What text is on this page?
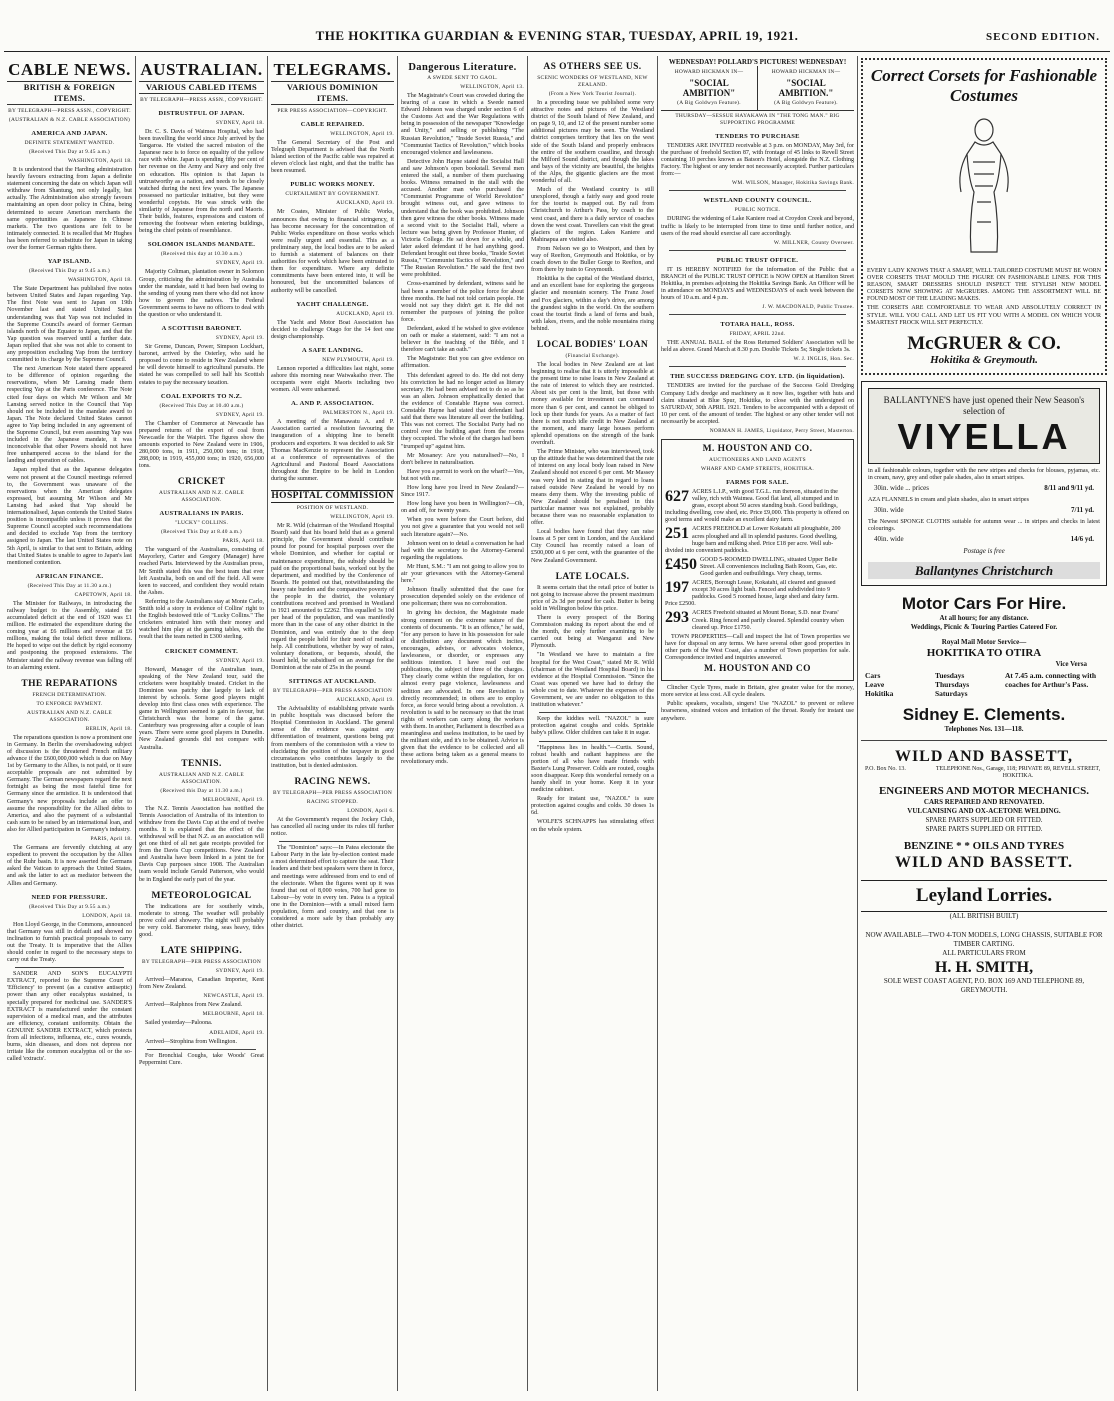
THE HOKITIKA GUARDIAN & EVENING STAR, TUESDAY, APRIL 19, 1921.	SECOND EDITION.
CABLE NEWS.
BRITISH & FOREIGN ITEMS.
BY TELEGRAPH—PRESS ASSN., COPYRIGHT.
(AUSTRALIAN & N.Z. CABLE ASSOCIATION)
AMERICA AND JAPAN.
DEFINITE STATEMENT WANTED.
(Received This Day at 9.45 a.m.)
WASHINGTON, April 18.

It is understood that the Harding administration heavily favours extracting from Japan a definite statement concerning the date on which Japan will withdraw from Shantung, not only legally, but actually. The Administration also strongly favours maintaining an open door policy in China, being determined to secure American merchants the same opportunities as Japanese in Chinese markets. The two questions are felt to be intimately connected. It is recalled that Mr Hughes has been referred to substitute for Japan in taking over the former German rights there.

YAP ISLAND.
(Received This Day at 9.45 a.m.)
WASHINGTON, April 18.

The State Department has published five notes between United States and Japan regarding Yap. The first Note was sent to Japan on 19th November last and stated United States understanding was that Yap was not included in the Supreme Council's award of former German islands north of the Equator to Japan, and that the Yap question was reserved until a further date. Japan replied that she was not able to consent to any proposition excluding Yap from the territory committed to its charge by the Supreme Council.

The next American Note stated there appeared to be difference of opinion regarding the reservations, when Mr Lansing made them respecting Yap at the Paris conference. The Note cited four days on which Mr Wilson and Mr Lansing served notice in the Council that Yap should not be included in the mandate award to Japan. The Note declared United States cannot agree to Yap being included in any agreement of the Supreme Council, but even assuming Yap was included in the Japanese mandate, it was inconceivable that other Powers should not have free unhampered access to the island for the landing and operation of cables.

Japan replied that as the Japanese delegates were not present at the Council meetings referred to, the Government was unaware of the reservations when the American delegates expressed, but assuming Mr Wilson and Mr Lansing had asked that Yap should be internationalised, Japan contends the United States position is incompatible unless it proves that the Supreme Council accepted such recommendations and decided to exclude Yap from the territory assigned to Japan. The last United States note on 5th April, is similar to that sent to Britain, adding that United States is unable to agree to Japan's last mentioned contention.

AFRICAN FINANCE.
(Received This Day at 11.30 a.m.)
CAPETOWN, April 18.

The Minister for Railways, in introducing the railway budget to the Assembly, stated the accumulated deficit at the end of 1920 was £1 million. He estimated the expenditure during the coming year at £6 millions and revenue at £6 millions, making the total deficit three millions. He hoped to wipe out the deficit by rigid economy and postponing the proposed extensions. The Minister stated the railway revenue was falling off to an alarming extent.

THE REPARATIONS
FRENCH DETERMINATION.
TO ENFORCE PAYMENT.
AUSTRALIAN AND N.Z. CABLE ASSOCIATION.
BERLIN, April 18.

The reparations question is now a prominent one in Germany. In Berlin the overshadowing subject of discussion is the threatened French military advance if the £600,000,000 which is due on May 1st by Germany to the Allies, is not paid, or it sure acceptable proposals are not submitted by Germany. The German newspapers regard the next fortnight as being the most fateful time for Germany since the armistice. It is understood that Germany's new proposals include an offer to assume the responsibility for the Allied debts to America, and also the payment of a substantial cash sum to be raised by an international loan, and also for Allied participation in Germany's industry.

PARIS, April 18.

The Germans are fervently clutching at any expedient to prevent the occupation by the Allies of the Ruhr basin. It is now asserted the Germans asked the Vatican to approach the United States, and ask the latter to act as mediator between the Allies and Germany.

NEED FOR PRESSURE.
(Received This Day at 9.55 a.m.)
LONDON, April 18.

Hon Lloyd George, in the Commons, announced that Germany was still in default and showed no inclination to furnish practical proposals to carry out the Treaty. It is imperative that the Allies should confer in regard to the necessary steps to carry out the Treaty.

SANDER AND SON'S EUCALYPTI EXTRACT, reported to the Supreme Court of 'Efficiency' to prevent (as a curative antiseptic) power than any other eucalyptus sustained, is specially prepared for medicinal use. SANDER'S EXTRACT is manufactured under the constant supervision of a medical man, and the attributes are efficiency, constant uniformity. Obtain the GENUINE SANDER EXTRACT, which protects from all infections, influenza, etc., cures wounds, burns, skin diseases, and does not depress nor irritate like the common eucalyptus oil or the so-called 'extracts'.

AUSTRALIAN.
VARIOUS CABLED ITEMS
BY TELEGRAPH—PRESS ASSN., COPYRIGHT.
DISTRUSTFUL OF JAPAN.
SYDNEY, April 18.

Dr. C. S. Davis of Waimea Hospital, who had been travelling the world since July arrived by the Tangaroa. He visited the sacred mission of the Japanese race is to force on equality of the yellow race with white. Japan is spending fifty per cent of her revenue on the Army and Navy and only five on education. His opinion is that Japan is untrustworthy as a nation, and needs to be closely watched during the next few years. The Japanese possessed no particular initiative, but they were wonderful copyists. He was struck with the similarity of Japanese from the north and Maoris. Their builds, features, expressions and custom of removing the footwear when entering buildings, being the chief points of resemblance.

SOLOMON ISLANDS MANDATE.
(Received this day at 10.30 a.m.)
SYDNEY, April 19.

Majority Coltman, plantation owner in Solomon Group, criticising the administration by Australia under the mandate, said it had been bad owing to the sending of young men there who did not know how to govern the natives. The Federal Government seems to have no officers to deal with the question or who understand it.

A SCOTTISH BARONET.
SYDNEY, April 19.

Sir Greme, Duncan, Power, Simpson Lockhart, baronet, arrived by the Osterley, who said he proposed to come to reside in New Zealand where he will devote himself to agricultural pursuits. He stated he was compelled to sell half his Scottish estates to pay the necessary taxation.

COAL EXPORTS TO N.Z.
(Received This Day at 10.40 a.m.)
SYDNEY, April 19.

The Chamber of Commerce at Newcastle has prepared returns of the export of coal from Newcastle for the Waipiri. The figures show the amounts exported to New Zealand were in 1906, 280,000 tons, in 1911, 250,000 tons; in 1918, 288,000; in 1919, 455,000 tons; in 1920, 656,000 tons.

CRICKET
AUSTRALIAN AND N.Z. CABLE ASSOCIATION.
AUSTRALIANS IN PARIS.
"LUCKY" COLLINS.
(Received This Day at 8.40 a.m.)
PARIS, April 18.

The vanguard of the Australians, consisting of Mayorlery, Carter and Gregory (Manager) have reached Paris. Interviewed by the Australian press, Mr Smith stated this was the best team that ever left Australia, both on and off the field. All were keen to succeed, and confident they would retain the Ashes.

Referring to the Australians stay at Monte Carlo, Smith told a story in evidence of Collins' right to the English bestowed title of "Lucky Collins." The cricketers entrusted him with their money and watched him play at the gaming tables, with the result that the team netted in £300 sterling.

CRICKET COMMENT.
SYDNEY, April 19.

Howard, Manager of the Australian team, speaking of the New Zealand tour, said the cricketers were hospitably treated. Cricket in the Dominion was patchy due largely to lack of interest by schools. Some good players might develop into first class ones with experience. The game in Wellington seemed to gain in favour, but Christchurch was the home of the game. Canterbury was progressing after a couple of lean years. There were some good players in Dunedin. New Zealand grounds did not compare with Australia.

TENNIS.
AUSTRALIAN AND N.Z. CABLE ASSOCIATION.
(Received this Day at 11.30 a.m.)
MELBOURNE, April 19.

The N.Z. Tennis Association has notified the Tennis Association of Australia of its intention to withdraw from the Davis Cup at the end of twelve months. It is explained that the effect of the withdrawal will be that N.Z. as an association will get one third of all net gate receipts provided for from the Davis Cup competitions. New Zealand and Australia have been linked in a joint tie for Davis Cup purposes since 1908. The Australian team would include Gerald Patterson, who would be in England the early part of the year.

METEOROLOGICAL

The indications are for southerly winds, moderate to strong. The weather will probably prove cold and showery. The night will probably be very cold. Barometer rising, seas heavy, tides good.

LATE SHIPPING.
BY TELEGRAPH—PER PRESS ASSOCIATION
SYDNEY, April 19.

Arrived—Maranoa, Canadian Importer, Kent from New Zealand.

NEWCASTLE, April 19.

Arrived—Ralphnos from New Zealand.

MELBOURNE, April 18.

Sailed yesterday—Paloona.

ADELAIDE, April 19.

Arrived—Strophina from Wellington.

For Bronchial Coughs, take Woods' Great Peppermint Cure.

TELEGRAMS.
VARIOUS DOMINION ITEMS.
PER PRESS ASSOCIATION—COPYRIGHT.
CABLE REPAIRED.
WELLINGTON, April 19.

The General Secretary of the Post and Telegraph Department is advised that the North Island section of the Pacific cable was repaired at eleven o'clock last night, and that the traffic has been resumed.

PUBLIC WORKS MONEY.
CURTAILMENT BY GOVERNMENT.
AUCKLAND, April 19.

Mr Coates, Minister of Public Works, announces that owing to financial stringency, it has become necessary for the concentration of Public Works expenditure on those works which were really urgent and essential. This as a preliminary step, the local bodies are to be asked to furnish a statement of balances on their authorities for work which have been entrusted to them for expenditure. Where any definite commitments have been entered into, it will be honoured, but the uncommitted balances of authority will be cancelled.

YACHT CHALLENGE.
AUCKLAND, April 19.

The Yacht and Motor Boat Association has decided to challenge Otago for the 14 feet one design championship.

A SAFE LANDING.
NEW PLYMOUTH, April 19.

Lennon reported a difficulties last night, some ashore this morning near Waiwakaiho river. The occupants were eight Maoris including two women. All were unharmed.

A. AND P. ASSOCIATION.
PALMERSTON N., April 19.

A meeting of the Manawatu A. and P. Association carried a resolution favouring the inauguration of a shipping line to benefit producers and exporters. It was decided to ask Sir Thomas MacKenzie to represent the Association at a conference of representatives of the Agricultural and Pastoral Board Associations throughout the Empire to be held in London during the summer.

HOSPITAL COMMISSION
POSITION OF WESTLAND.
WELLINGTON, April 19.

Mr R. Wild (chairman of the Westland Hospital Board) said that his board held that as a general principle, the Government should contribute pound for pound for hospital purposes over the whole Dominion, and whether for capital or maintenance expenditure, the subsidy should be paid on the proportional basis, worked out by the department, and modified by the Conference of Boards. He pointed out that, notwithstanding the heavy rate burden and the comparative poverty of the people in the district, the voluntary contributions received and promised in Westland in 1921 amounted to £2262. This equalled 3s 10d per head of the population, and was manifestly more than in the case of any other district in the Dominion, and was entirely due to the deep regard the people held for their need of medical help. All contributions, whether by way of rates, voluntary donations, or bequests, should, the board held, be subsidised on an average for the Dominion at the rate of 25s in the pound.

SITTINGS AT AUCKLAND.
BY TELEGRAPH—PER PRESS ASSOCIATION
AUCKLAND, April 19.

The Advisability of establishing private wards in public hospitals was discussed before the Hospital Commission in Auckland. The general sense of the evidence was against any differentiation of treatment, questions being put from members of the commission with a view to elucidating the position of the taxpayer in good circumstances who contributes largely to the institution, but is denied admission.

RACING NEWS.
BY TELEGRAPH—PER PRESS ASSOCIATION
RACING STOPPED.
LONDON, April 6.

At the Government's request the Jockey Club, has cancelled all racing under its rules till further notice.

The "Dominion" says:—In Patea electorate the Labour Party in the late by-election contest made a most determined effort to capture the seat. Their leaders and their best speakers were there in force, and meetings were addressed from end to end of the electorate. When the figures went up it was found that out of 8,000 votes, 700 had gone to Labour—by vote in every ten. Patea is a typical one in the Dominion—with a small mixed farm population, form and country, and that one is considered a more safe by than probably any other district.

Dangerous Literature.
A SWEDE SENT TO GAOL.
WELLINGTON, April 13.

The Magistrate's Court was crowded during the hearing of a case in which a Swede named Edward Johnson was charged under section 6 of the Customs Act and the War Regulations with being in possession of the newspaper "Knowledge and Unity," and selling or publishing "The Russian Revolution," "Inside Soviet Russia," and "Communist Tactics of Revolution," which books encouraged violence and lawlessness.

Detective John Hayne stated the Socialist Hall and saw Johnson's open bookstall. Several men entered the stall, a number of them purchasing books. Witness remained in the stall with the accused. Another man who purchased the "Communist Programme of World Revolution" brought witness out, and gave witness to understand that the book was prohibited. Johnson then gave witness the other books. Witness made a second visit to the Socialist Hall, where a lecture was being given by Professor Hunter, of Victoria College. He sat down for a while, and later asked defendant if he had anything good. Defendant brought out three books, "Inside Soviet Russia," "Communist Tactics of Revolution," and "The Russian Revolution." He said the first two were prohibited.

Cross-examined by defendant, witness said he had been a member of the police force for about three months. He had not told certain people. He would not say they didn't get it. He did not remember the purposes of joining the police force.

Defendant, asked if he wished to give evidence on oath or make a statement, said: "I am not a believer in the teaching of the Bible, and I therefore can't take an oath."

The Magistrate: But you can give evidence on affirmation.

This defendant agreed to do. He did not deny his conviction he had no longer acted as literary secretary. He had been advised not to do so as he was an alien. Johnson emphatically denied that the evidence of Constable Hayne was correct. Constable Hayne had stated that defendant had said that there was literature all over the building. This was not correct. The Socialist Party had no control over the building apart from the rooms they occupied. The whole of the charges had been "trumped up" against him.

Mr Mosaney: Are you naturalised?—No, I don't believe in naturalisation.

Have you a permit to work on the wharf?—Yes, but not with me.

How long have you lived in New Zealand?—Since 1917.

How long have you been in Wellington?—Oh, on and off, for twenty years.

When you were before the Court before, did you not give a guarantee that you would not sell such literature again?—No.

Johnson went on to detail a conversation he had had with the secretary to the Attorney-General regarding the regulations.

Mr Hunt, S.M.: "I am not going to allow you to air your grievances with the Attorney-General here."

Johnson finally submitted that the case for prosecution depended solely on the evidence of one policeman; there was no corroboration.

In giving his decision, the Magistrate made strong comment on the extreme nature of the contents of documents. "It is an offence," he said, "for any person to have in his possession for sale or distribution any document which incites, encourages, advises, or advocates violence, lawlessness, or disorder, or expresses any seditious intention. I have read out the publications, the subject of three of the charges. They clearly come within the regulation, for on almost every page violence, lawlessness and sedition are advocated. In one Revolution is directly recommended; in others are to employ force, as force would bring about a revolution. A revolution is said to be necessary so that the trust rights of workers can carry along the workers with them. In another, Parliament is described as a meaningless and useless institution, to be used by the militant side, and it's to be obtained. Advice is given that the evidence to be collected and all these actions being taken as a general means to revolutionary ends.

AS OTHERS SEE US.
SCENIC WONDERS OF WESTLAND, NEW ZEALAND.
(From a New York Tourist Journal).

In a preceding issue we published some very attractive notes and pictures of the Westland district of the South Island of New Zealand, and on page 9, 10, and 12 of the present number some additional pictures may be seen. The Westland district comprises territory that lies on the west side of the South Island and properly embraces the entire of the southern coastline, and through the Milford Sound district, and though the lakes and bays of the vicinity are beautiful, the heights of the Alps, the gigantic glaciers are the most wonderful of all.

Much of the Westland country is still unexplored, though a fairly easy and good route for the tourist is mapped out. By rail from Christchurch to Arthur's Pass, by coach to the west coast, and there is a daily service of coaches down the west coast. Travellers can visit the great glaciers of the region. Lakes Kaniere and Mahinapua are visited also.

From Nelson we go to Westport, and then by way of Reefton, Greymouth and Hokitika, or by coach down to the Buller Gorge to Reefton, and from there by train to Greymouth.

Hokitika is the capital of the Westland district, and an excellent base for exploring the gorgeous glacier and mountain scenery. The Franz Josef and Fox glaciers, within a day's drive, are among the grandest sights in the world. On the southern coast the tourist finds a land of ferns and bush, with lakes, rivers, and the noble mountains rising behind.

LOCAL BODIES' LOAN
(Financial Exchange).

The local bodies in New Zealand are at last beginning to realise that it is utterly impossible at the present time to raise loans in New Zealand at the rate of interest to which they are restricted. About six per cent is the limit, but those with money available for investment can command more than 6 per cent, and cannot be obliged to lock up their funds for years. As a matter of fact there is not much idle credit in New Zealand at the moment, and many large houses perform splendid operations on the strength of the bank overdraft.

The Prime Minister, who was interviewed, took up the attitude that he was determined that the rate of interest on any local body loan raised in New Zealand should not exceed 6 per cent. Mr Massey was very kind in stating that in regard to loans raised outside New Zealand he would by no means deny them. Why the investing public of New Zealand should be penalised in this particular manner was not explained, probably because there was no reasonable explanation to offer.

Local bodies have found that they can raise loans at 5 per cent in London, and the Auckland City Council has recently raised a loan of £500,000 at 6 per cent, with the guarantee of the New Zealand Government.

LATE LOCALS.

It seems certain that the retail price of butter is not going to increase above the present maximum price of 2s 3d per pound for cash. Butter is being sold in Wellington below this price.

There is every prospect of the Boring Commission making its report about the end of the month, the only further examining to be carried out being at Wanganui and New Plymouth.

"In Westland we have to maintain a fire hospital for the West Coast," stated Mr R. Wild (chairman of the Westland Hospital Board) in his evidence at the Hospital Commission. "Since the Coast was opened we have had to defray the whole cost to date. Whatever the expenses of the Government, we are under no obligation to this institution whatever."

Keep the kiddies well. "NAZOL" is sure protection against coughs and colds. Sprinkle baby's pillow. Older children can take it in sugar.

"Happiness lies in health."—Curtis. Sound, robust health and radiant happiness are the portion of all who have made friends with Baxter's Lung Preserver. Colds are routed, coughs soon disappear. Keep this wonderful remedy on a handy shelf in your home. Keep it in your medicine cabinet.

Ready for instant use, "NAZOL" is sure protection against coughs and colds. 30 doses 1s 6d.

WOLFE'S SCHNAPPS has stimulating effect on the whole system.

WEDNESDAY! POLLARD'S PICTURES! WEDNESDAY!
HOWARD HICKMAN IN—
"SOCIAL AMBITION"
(A Big Goldwyn Feature).
HOWARD HICKMAN IN—
"SOCIAL AMBITION."
(A Big Goldwyn Feature).
THURSDAY—SESSUE HAYAKAWA IN "THE TONG MAN." BIG SUPPORTING PROGRAMME
TENDERS TO PURCHASE

TENDERS ARE INVITED receivable at 3 p.m. on MONDAY, May 3rd, for the purchase of freehold Section 87, with frontage of 45 links to Revell Street containing 10 perches known as Batson's Hotel, alongside the N.Z. Clothing Factory. The highest or any tender not necessarily accepted. Further particulars from:—

WM. WILSON, Manager, Hokitika Savings Bank.
WESTLAND COUNTY COUNCIL.
PUBLIC NOTICE.

DURING the widening of Lake Kaniere road at Croydon Creek and beyond, traffic is likely to be interrupted from time to time until further notice, and users of the road should exercise all care accordingly.

W. MILLNER, County Overseer.
PUBLIC TRUST OFFICE.

IT IS HEREBY NOTIFIED for the information of the Public that a BRANCH of the PUBLIC TRUST OFFICE is NOW OPEN at Hamilton Street Hokitika, in premises adjoining the Hokitika Savings Bank. An Officer will be in attendance on MONDAYS and WEDNESDAYS of each week between the hours of 10 a.m. and 4 p.m.

J. W. MACDONALD, Public Trustee.
TOTARA HALL, ROSS.
FRIDAY, APRIL 22nd.

THE ANNUAL BALL of the Ross Returned Soldiers' Association will be held as above. Grand March at 8.30 p.m. Double Tickets 5s; Single tickets 3s.

W. J. INGLIS, Hon. Sec.
THE SUCCESS DREDGING COY. LTD. (in liquidation).

TENDERS are invited for the purchase of the Success Gold Dredging Company Ltd's dredge and machinery as it now lies, together with huts and claim situated at Blue Spur, Hokitika, to close with the undersigned on SATURDAY, 30th APRIL 1921. Tenders to be accompanied with a deposit of 10 per cent. of the amount of tender. The highest or any other tender will not necessarily be accepted.

NORMAN H. JAMES, Liquidator, Perry Street, Masterton.
M. HOUSTON AND CO.
AUCTIONEERS AND LAND AGENTS
WHARF AND CAMP STREETS, HOKITIKA.
FARMS FOR SALE.
627 ACRES L.I.P., with good T.G.L. run thereon, situated in the valley, rich with Waimea. Good flat land, all stumped and in grass, except about 50 acres standing bush. Good buildings, including dwelling, cow shed, etc. Price £9,000. This property is offered on good terms and would make an excellent dairy farm.
251 ACRES FREEHOLD at Lower Kokatahi all ploughable, 200 acres ploughed and all in splendid pastures. Good dwelling, huge barn and milking shed. Price £18 per acre. Well sub-divided into convenient paddocks.
£450 GOOD 5-ROOMED DWELLING, situated Upper Belle Street. All conveniences including Bath Room, Gas, etc. Good garden and outbuildings. Very cheap, terms.
197 ACRES, Borough Lease, Kokatahi, all cleared and grassed except 30 acres light bush. Fenced and subdivided into 9 paddocks. Good 5 roomed house, large shed and dairy farm. Price £2500.
293 ACRES Freehold situated at Mount Bonar, S.D. near Evans' Creek. Ring fenced and partly cleared. Splendid country when cleared up. Price £1750.

TOWN PROPERTIES—Call and inspect the list of Town properties we have for disposal on any terms. We have several other good properties in other parts of the West Coast, also a number of Town properties for sale. Correspondence invited and inquiries answered.

M. HOUSTON AND CO

Clincher Cycle Tyres, made in Britain, give greater value for the money, more service at less cost. All cycle dealers.

Public speakers, vocalists, singers! Use "NAZOL" to prevent or relieve hoarseness, strained voices and irritation of the throat. Ready for instant use anywhere.

Correct Corsets for Fashionable Costumes

EVERY LADY KNOWS THAT A SMART, WELL TAILORED COSTUME MUST BE WORN OVER CORSETS THAT MOULD THE FIGURE ON FASHIONABLE LINES. FOR THIS REASON, SMART DRESSERS SHOULD INSPECT THE STYLISH NEW MODEL CORSETS NOW SHOWING AT McGRUERS. AMONG THE ASSORTMENT WILL BE FOUND MOST OF THE LEADING MAKES.

THE CORSETS ARE COMFORTABLE TO WEAR AND ABSOLUTELY CORRECT IN STYLE. WILL YOU CALL AND LET US FIT YOU WITH A MODEL ON WHICH YOUR SMARTEST FROCK WILL SET PERFECTLY.

McGRUER & CO.
Hokitika & Greymouth.
BALLANTYNE'S have just opened their New Season's selection of
VIYELLA

in all fashionable colours, together with the new stripes and checks for blouses, pyjamas, etc. in cream, navy, grey and other pale shades, also in smart stripes.

30in. wide ... prices	8/11 and 9/11 yd.

AZA FLANNELS in cream and plain shades, also in smart stripes

30in. wide	7/11 yd.

The Newest SPONGE CLOTHS suitable for autumn wear ... in stripes and checks in latest colourings.

40in. wide	14/6 yd.
Postage is free
Ballantynes Christchurch
Motor Cars For Hire.
At all hours; for any distance.
Weddings, Picnic & Touring Parties Catered For.
Royal Mail Motor Service—
HOKITIKA TO OTIRA
Vice Versa
Cars
Leave
Hokitika
Tuesdays
Thursdays
Saturdays
At 7.45 a.m. connecting with coaches for Arthur's Pass.
Sidney E. Clements.
Telephones Nos. 131—118.
WILD AND BASSETT,
P.O. Box No. 13.	TELEPHONE Nos., Garage, 118; PRIVATE 89, REVELL STREET, HOKITIKA.
ENGINEERS AND MOTOR MECHANICS.
CARS REPAIRED AND RENOVATED.
VULCANISING AND OX-ACETONE WELDING.
SPARE PARTS SUPPLIED OR FITTED.
SPARE PARTS SUPPLIED OR FITTED.
BENZINE * * OILS AND TYRES
WILD AND BASSETT.
Leyland Lorries.
(ALL BRITISH BUILT)
NOW AVAILABLE—TWO 4-TON MODELS, LONG CHASSIS, SUITABLE FOR TIMBER CARTING.
ALL PARTICULARS FROM
H. H. SMITH,
SOLE WEST COAST AGENT, P.O. BOX 169 AND TELEPHONE 89, GREYMOUTH.
